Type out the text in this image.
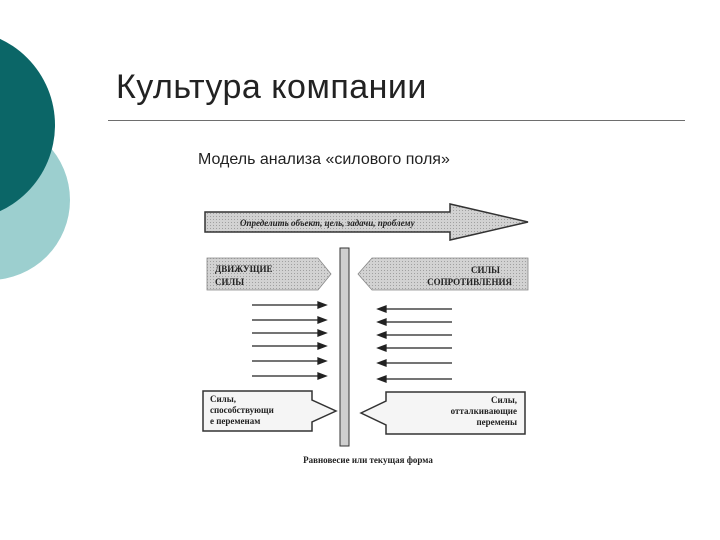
Культура компании
Модель анализа «силового поля»
Определить объект, цель, задачи, проблему
ДВИЖУЩИЕ
СИЛЫ
СИЛЫ
СОПРОТИВЛЕНИЯ
Силы,
способствующи
е переменам
Силы,
отталкивающие
перемены
Равновесие или текущая форма
